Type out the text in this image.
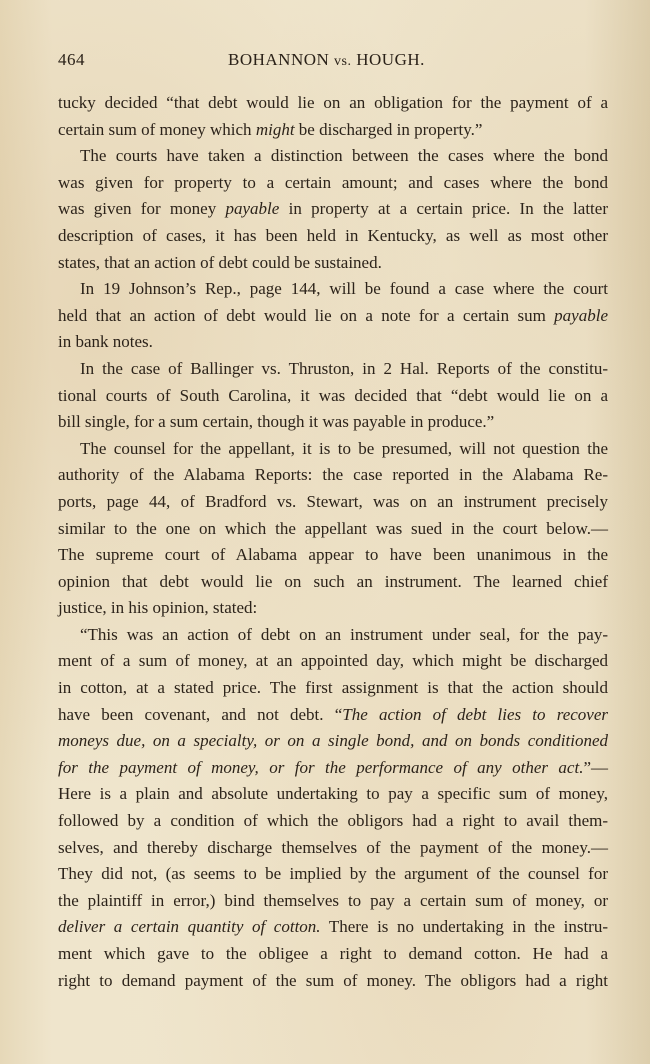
464	BOHANNON vs. HOUGH.
tucky decided “that debt would lie on an obligation for the payment of a
certain sum of money which might be discharged in property.”
The courts have taken a distinction between the cases where the bond
was given for property to a certain amount; and cases where the bond
was given for money payable in property at a certain price. In the latter
description of cases, it has been held in Kentucky, as well as most other
states, that an action of debt could be sustained.
In 19 Johnson’s Rep., page 144, will be found a case where the court
held that an action of debt would lie on a note for a certain sum payable
in bank notes.
In the case of Ballinger vs. Thruston, in 2 Hal. Reports of the constitu-
tional courts of South Carolina, it was decided that “debt would lie on a
bill single, for a sum certain, though it was payable in produce.”
The counsel for the appellant, it is to be presumed, will not question the
authority of the Alabama Reports: the case reported in the Alabama Re-
ports, page 44, of Bradford vs. Stewart, was on an instrument precisely
similar to the one on which the appellant was sued in the court below.—
The supreme court of Alabama appear to have been unanimous in the
opinion that debt would lie on such an instrument. The learned chief
justice, in his opinion, stated:
“This was an action of debt on an instrument under seal, for the pay-
ment of a sum of money, at an appointed day, which might be discharged
in cotton, at a stated price. The first assignment is that the action should
have been covenant, and not debt. “The action of debt lies to recover
moneys due, on a specialty, or on a single bond, and on bonds conditioned
for the payment of money, or for the performance of any other act.”—
Here is a plain and absolute undertaking to pay a specific sum of money,
followed by a condition of which the obligors had a right to avail them-
selves, and thereby discharge themselves of the payment of the money.—
They did not, (as seems to be implied by the argument of the counsel for
the plaintiff in error,) bind themselves to pay a certain sum of money, or
deliver a certain quantity of cotton. There is no undertaking in the instru-
ment which gave to the obligee a right to demand cotton. He had a
right to demand payment of the sum of money. The obligors had a right
